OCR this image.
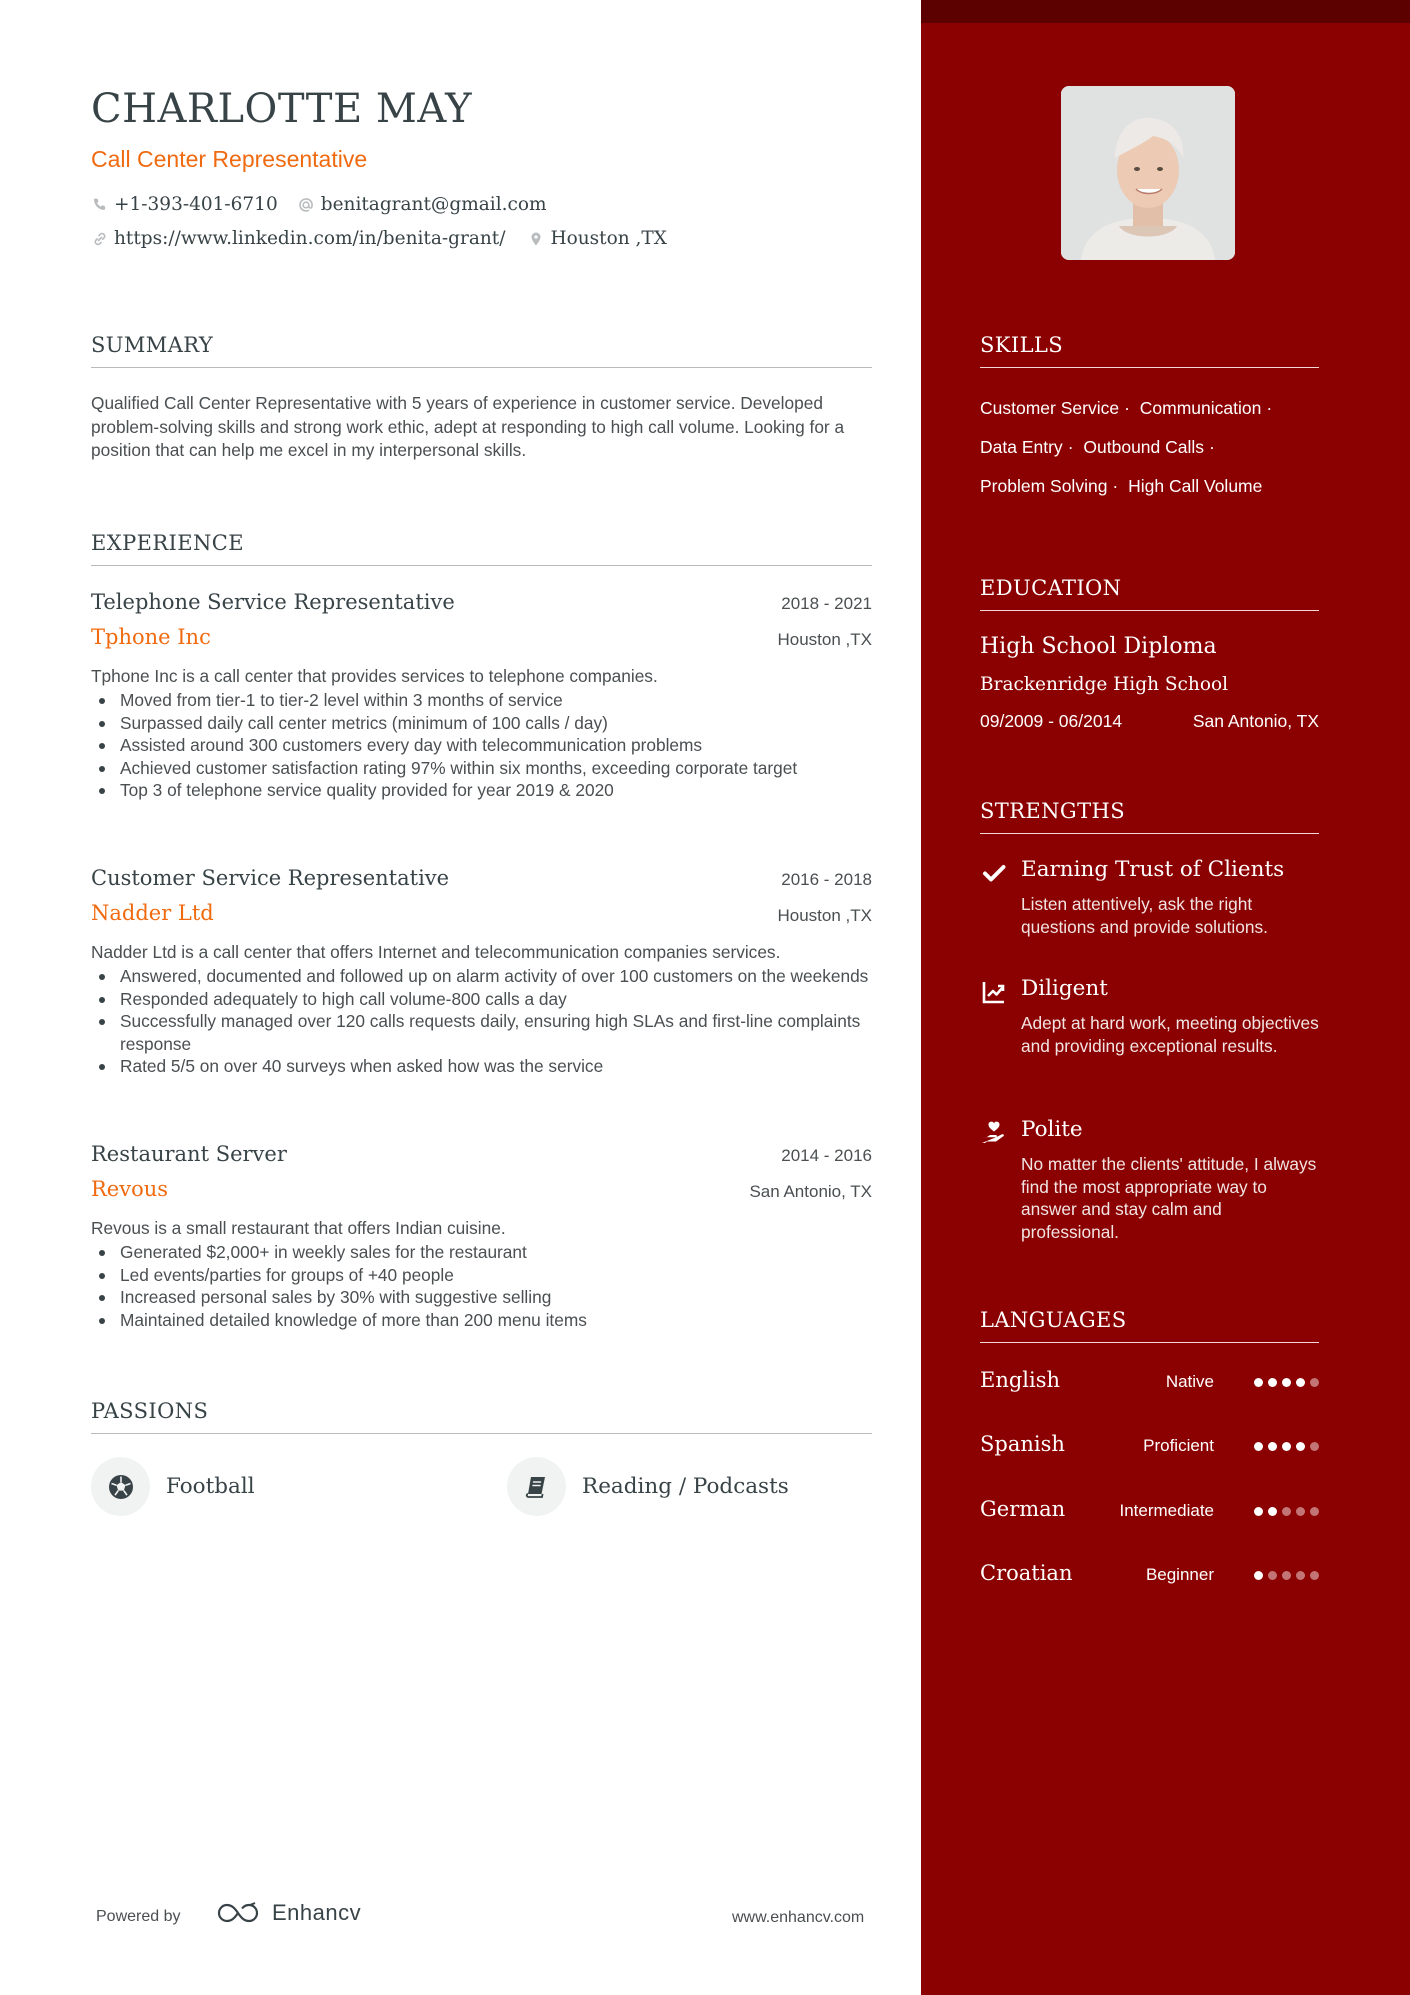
CHARLOTTE MAY
Call Center Representative
+1-393-401-6710 benitagrant@gmail.com
https://www.linkedin.com/in/benita-grant/ Houston ,TX
SUMMARY

Qualified Call Center Representative with 5 years of experience in customer service. Developed problem-solving skills and strong work ethic, adept at responding to high call volume. Looking for a position that can help me excel in my interpersonal skills.

EXPERIENCE
Telephone Service Representative	2018 - 2021
Tphone Inc	Houston ,TX
Tphone Inc is a call center that provides services to telephone companies.
Moved from tier-1 to tier-2 level within 3 months of service
Surpassed daily call center metrics (minimum of 100 calls / day)
Assisted around 300 customers every day with telecommunication problems
Achieved customer satisfaction rating 97% within six months, exceeding corporate target
Top 3 of telephone service quality provided for year 2019 & 2020
Customer Service Representative	2016 - 2018
Nadder Ltd	Houston ,TX
Nadder Ltd is a call center that offers Internet and telecommunication companies services.
Answered, documented and followed up on alarm activity of over 100 customers on the weekends
Responded adequately to high call volume-800 calls a day
Successfully managed over 120 calls requests daily, ensuring high SLAs and first-line complaints response
Rated 5/5 on over 40 surveys when asked how was the service
Restaurant Server	2014 - 2016
Revous	San Antonio, TX
Revous is a small restaurant that offers Indian cuisine.
Generated $2,000+ in weekly sales for the restaurant
Led events/parties for groups of +40 people
Increased personal sales by 30% with suggestive selling
Maintained detailed knowledge of more than 200 menu items
PASSIONS
Football	Reading / Podcasts
Powered by	Enhancv	www.enhancv.com
SKILLS
Customer Service · Communication ·
Data Entry · Outbound Calls ·
Problem Solving · High Call Volume
EDUCATION
High School Diploma
Brackenridge High School
09/2009 - 06/2014	San Antonio, TX
STRENGTHS
Earning Trust of Clients
Listen attentively, ask the right questions and provide solutions.
Diligent
Adept at hard work, meeting objectives and providing exceptional results.
Polite
No matter the clients' attitude, I always find the most appropriate way to answer and stay calm and professional.
LANGUAGES
English	Native
Spanish	Proficient
German	Intermediate
Croatian	Beginner
